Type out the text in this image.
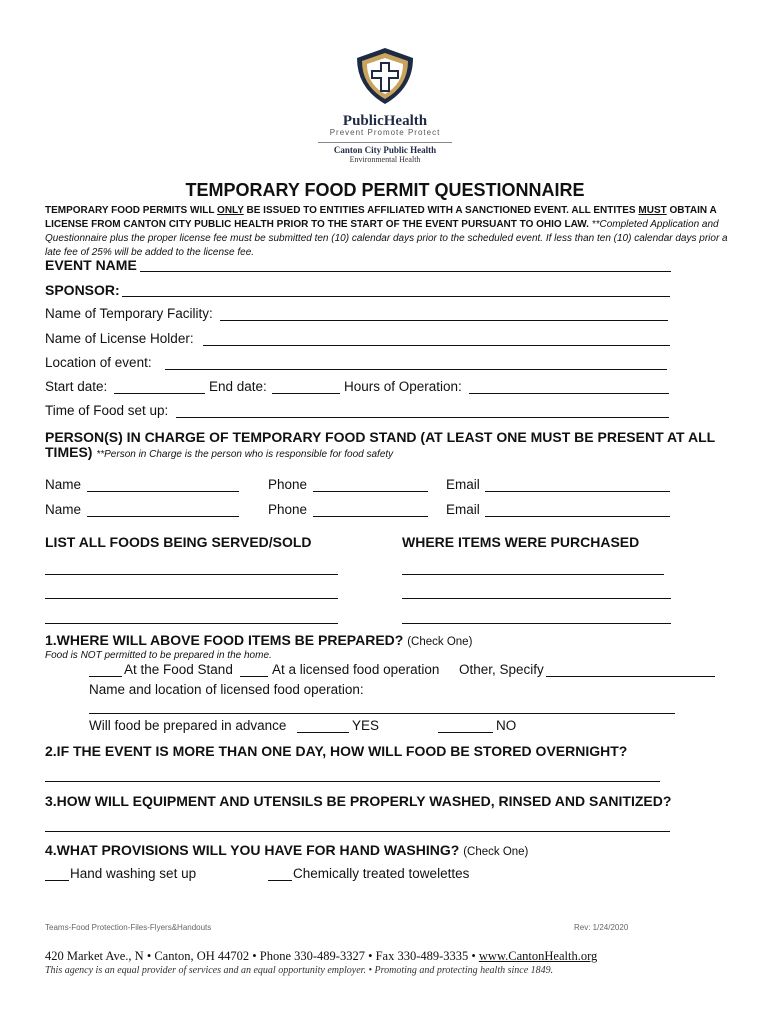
PublicHealth
Prevent Promote Protect
Canton City Public Health
Environmental Health
TEMPORARY FOOD PERMIT QUESTIONNAIRE
TEMPORARY FOOD PERMITS WILL ONLY BE ISSUED TO ENTITIES AFFILIATED WITH A SANCTIONED EVENT. ALL ENTITES MUST OBTAIN A LICENSE FROM CANTON CITY PUBLIC HEALTH PRIOR TO THE START OF THE EVENT PURSUANT TO OHIO LAW. **Completed Application and Questionnaire plus the proper license fee must be submitted ten (10) calendar days prior to the scheduled event. If less than ten (10) calendar days prior a late fee of 25% will be added to the license fee.
EVENT NAME
SPONSOR:
Name of Temporary Facility:
Name of License Holder:
Location of event:
Start date:	End date:	Hours of Operation:
Time of Food set up:
PERSON(S) IN CHARGE OF TEMPORARY FOOD STAND (AT LEAST ONE MUST BE PRESENT AT ALL
TIMES) **Person in Charge is the person who is responsible for food safety
Name	Phone	Email
Name	Phone	Email
LIST ALL FOODS BEING SERVED/SOLD	WHERE ITEMS WERE PURCHASED
1.WHERE WILL ABOVE FOOD ITEMS BE PREPARED? (Check One)
Food is NOT permitted to be prepared in the home.
At the Food Stand	At a licensed food operation Other, Specify
Name and location of licensed food operation:
Will food be prepared in advance	YES	NO
2.IF THE EVENT IS MORE THAN ONE DAY, HOW WILL FOOD BE STORED OVERNIGHT?
3.HOW WILL EQUIPMENT AND UTENSILS BE PROPERLY WASHED, RINSED AND SANITIZED?
4.WHAT PROVISIONS WILL YOU HAVE FOR HAND WASHING? (Check One)
Hand washing set up	Chemically treated towelettes
Teams-Food Protection-Files-Flyers&Handouts	Rev: 1/24/2020
420 Market Ave., N • Canton, OH 44702 • Phone 330-489-3327 • Fax 330-489-3335 • www.CantonHealth.org
This agency is an equal provider of services and an equal opportunity employer. • Promoting and protecting health since 1849.
